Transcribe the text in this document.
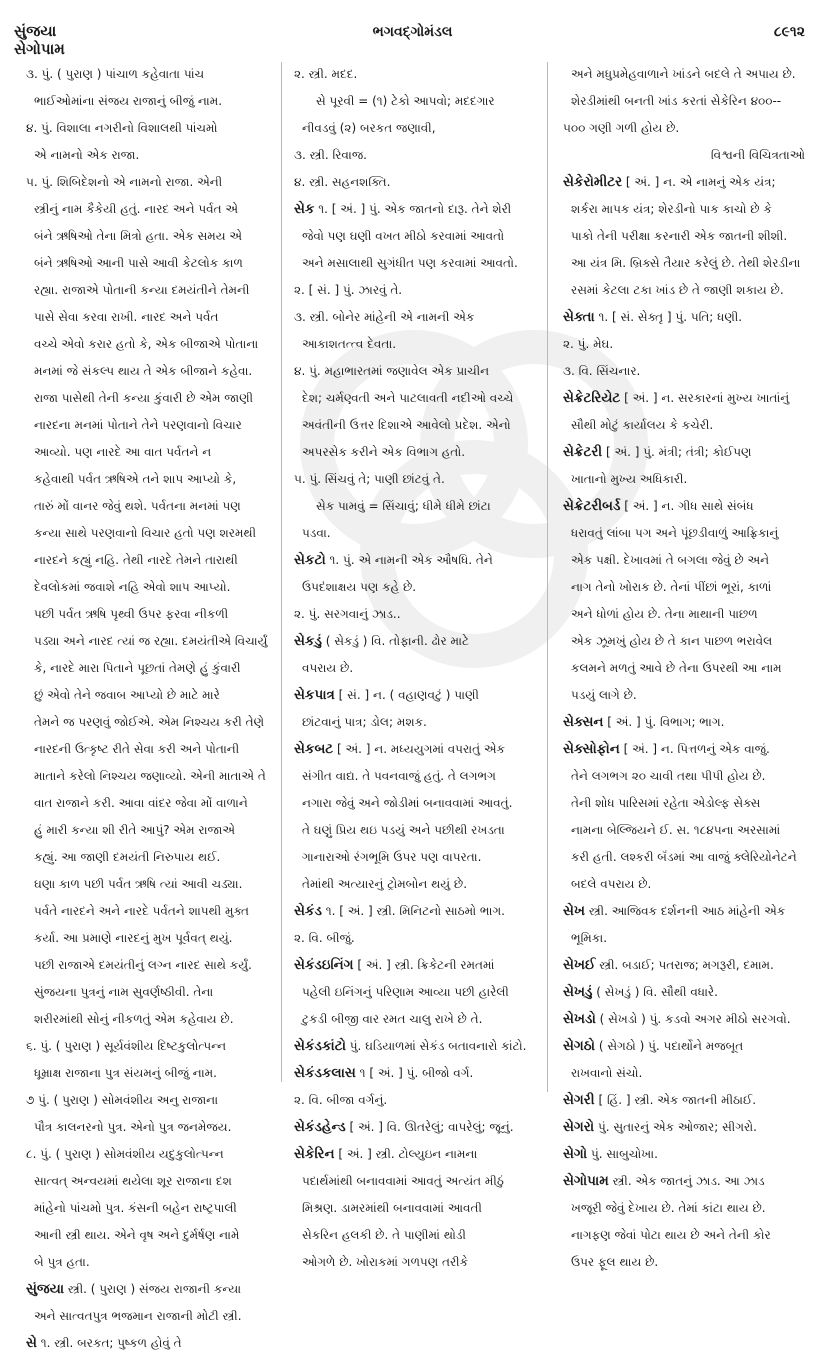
સુંજયા
સેગોપામ
ભગવદ્ગોમંડલ	૮૯૧૨
૩. પું. ( પુરાણ ) પાંચાળ કહેવાતા પાંચ
ભાઈઓમાંના સંજય રાજાનું બીજું નામ.
૪. પું. વિશાલા નગરીનો વિશાલથી પાંચમો
એ નામનો એક રાજા.
૫. પું. શિબિદેશનો એ નામનો રાજા. એની
સ્ત્રીનું નામ કૈકેયી હતું. નારદ અને પર્વત એ
બંને ઋષિઓ તેના મિત્રો હતા. એક સમય એ
બંને ઋષિઓ આની પાસે આવી કેટલોક કાળ
રહ્યા. રાજાએ પોતાની કન્યા દમયંતીને તેમની
પાસે સેવા કરવા રાખી. નારદ અને પર્વત
વચ્ચે એવો કરાર હતો કે, એક બીજાએ પોતાના
મનમાં જે સંકલ્પ થાય તે એક બીજાને કહેવા.
રાજા પાસેથી તેની કન્યા કુંવારી છે એમ જાણી
નારદના મનમાં પોતાને તેને પરણવાનો વિચાર
આવ્યો. પણ નારદે આ વાત પર્વતને ન
કહેવાથી પર્વત ઋષિએ તને શાપ આપ્યો કે,
તારું મોં વાનર જેવું થશે. પર્વતના મનમાં પણ
કન્યા સાથે પરણવાનો વિચાર હતો પણ શરમથી
નારદને કહ્યું નહિ. તેથી નારદે તેમને તારાથી
દેવલોકમાં જવાશે નહિ એવો શાપ આપ્યો.
પછી પર્વત ઋષિ પૃથ્વી ઉપર ફરવા નીકળી
પડ્યા અને નારદ ત્યાં જ રહ્યા. દમયંતીએ વિચાર્યું
કે, નારદે મારા પિતાને પૂછતાં તેમણે હું કુંવારી
છું એવો તેને જવાબ આપ્યો છે માટે મારે
તેમને જ પરણવું જોઈએ. એમ નિશ્ચય કરી તેણે
નારદની ઉત્કૃષ્ટ રીતે સેવા કરી અને પોતાની
માતાને કરેલો નિશ્ચય જણાવ્યો. એની માતાએ તે
વાત રાજાને કરી. આવા વાંદર જેવા મોં વાળાને
હું મારી કન્યા શી રીતે આપું? એમ રાજાએ
કહ્યું. આ જાણી દમયંતી નિરુપાય થઈ.
ઘણા કાળ પછી પર્વત ઋષિ ત્યાં આવી ચડ્યા.
પર્વતે નારદને અને નારદે પર્વતને શાપથી મુક્ત
કર્યા. આ પ્રમાણે નારદનું મુખ પૂર્વવત્ થયું.
પછી રાજાએ દમયંતીનું લગ્ન નારદ સાથે કર્યું.
સુંજયના પુત્રનું નામ સુવર્ણષ્ઠીવી. તેના
શરીરમાંથી સોનું નીકળતું એમ કહેવાય છે.
૬. પું. ( પુરાણ ) સૂર્યવંશીય દિષ્ટકુલોત્પન્ન
ધૂમ્રાક્ષ રાજાના પુત્ર સંયમનું બીજું નામ.
૭ પું. ( પુરાણ ) સોમવંશીય અનુ રાજાના
પૌત્ર કાલનરનો પુત્ર. એનો પુત્ર જનમેજય.
૮. પું. ( પુરાણ ) સોમવંશીય યદુકુલોત્પન્ન
સાત્વત્ અન્વયમાં થયેલા શૂર રાજાના દશ
માંહેનો પાંચમો પુત્ર. કંસની બહેન રાષ્ટ્રપાલી
આની સ્ત્રી થાય. એને વૃષ અને દુર્મર્ષણ નામે
બે પુત્ર હતા.
સુંજયા સ્ત્રી. ( પુરાણ ) સંજય રાજાની કન્યા
અને સાત્વતપુત્ર ભજમાન રાજાની મોટી સ્ત્રી.
સે ૧. સ્ત્રી. બરકત; પુષ્કળ હોવું તે
૨. સ્ત્રી. મદદ.
સે પૂરવી = (૧) ટેકો આપવો; મદદગાર
નીવડવું (૨) બરકત જણાવી,
૩. સ્ત્રી. રિવાજ.
૪. સ્ત્રી. સહનશક્તિ.
સેક ૧. [ અં. ] પું. એક જાતનો દારૂ. તેને શેરી
જેવો પણ ઘણી વખત મીઠો કરવામાં આવતો
અને મસાલાથી સુગંધીત પણ કરવામાં આવતો.
૨. [ સં. ] પું. ઝારવું તે.
૩. સ્ત્રી. બોનેર માંહેની એ નામની એક
આકાશતત્ત્વ દેવતા.
૪. પું. મહાભારતમાં જણાવેલ એક પ્રાચીન
દેશ; ચર્મણ્વતી અને પાટલાવતી નદીઓ વચ્ચે
અવંતીની ઉત્તર દિશાએ આવેલો પ્રદેશ. એનો
અપરસેક કરીને એક વિભાગ હતો.
૫. પું. સિંચવું તે; પાણી છાંટવું તે.
સેક પામવું = સિંચાવું; ધીમે ધીમે છાંટા
પડવા.
સેકટો ૧. પું. એ નામની એક ઔષધિ. તેને
ઉપદંશાક્ષય પણ કહે છે.
૨. પું. સરગવાનું ઝાડ..
સેકડું ( સેકડું ) વિ. તોફાની. ઢોર માટે
વપરાય છે.
સેકપાત્ર [ સં. ] ન. ( વહાણવટું ) પાણી
છાંટવાનું પાત્ર; ડોલ; મશક.
સેકબટ [ અં. ] ન. મધ્યયુગમાં વપરાતું એક
સંગીત વાદ્ય. તે પવનવાજું હતું. તે લગભગ
નગારા જેવું અને જોડીમાં બનાવવામાં આવતું.
તે ઘણું પ્રિય થઇ પડયું અને પછીથી રખડતા
ગાનારાઓ રંગભૂમિ ઉપર પણ વાપરતા.
તેમાંથી અત્યારનું ટ્રોમબોન થયું છે.
સેકંડ ૧. [ અં. ] સ્ત્રી. મિનિટનો સાઠમો ભાગ.
૨. વિ. બીજું.
સેકંડઇનિંગ [ અં. ] સ્ત્રી. ક્રિકેટની રમતમાં
પહેલી ઇનિંગનું પરિણામ આવ્યા પછી હારેલી
ટુકડી બીજી વાર રમત ચાલુ રાખે છે તે.
સેકંડકાંટો પું. ઘડિયાળમાં સેકંડ બતાવનારો કાંટો.
સેકંડકલાસ ૧ [ અં. ] પું. બીજો વર્ગ.
૨. વિ. બીજા વર્ગનું.
સેકંડહેન્ડ [ અં. ] વિ. ઊતરેલું; વાપરેલું; જૂનું.
સેકેરિન [ અં. ] સ્ત્રી. ટોલ્યુઇન નામના
પદાર્થમાંથી બનાવવામાં આવતું અત્યંત મીઠું
મિશ્રણ. ડામરમાંથી બનાવવામાં આવતી
સેકરિન હલકી છે. તે પાણીમાં થોડી
ઓગળે છે. ખોરાકમાં ગળપણ તરીકે
અને મધુપ્રમેહવાળાને ખાંડને બદલે તે અપાય છે.
શેરડીમાંથી બનતી ખાંડ કરતાં સેકેરિન ૪૦૦--
૫૦૦ ગણી ગળી હોય છે.
વિશ્વની વિચિત્રતાઓ
સેકેરોમીટર [ અં. ] ન. એ નામનું એક યંત્ર;
શર્કરા માપક યંત્ર; શેરડીનો પાક કાચો છે કે
પાકો તેની પરીક્ષા કરનારી એક જાતની શીશી.
આ યંત્ર મિ. બ્રિક્સે તૈયાર કરેલું છે. તેથી શેરડીના
રસમાં કેટલા ટકા ખાંડ છે તે જાણી શકાય છે.
સેક્તા ૧. [ સં. સેક્તૃ ] પું. પતિ; ધણી.
૨. પું. મેઘ.
૩. વિ. સિંચનાર.
સેક્રેટરિયેટ [ અં. ] ન. સરકારનાં મુખ્ય ખાતાંનું
સૌથી મોટું કાર્યાલય કે કચેરી.
સેક્રેટરી [ અં. ] પું. મંત્રી; તંત્રી; કોઈપણ
ખાતાનો મુખ્ય અધિકારી.
સેક્રેટરીબર્ડ [ અં. ] ન. ગીધ સાથે સંબંધ
ધરાવતું લાંબા પગ અને પૂંછડીવાળું આફ્રિકાનું
એક પક્ષી. દેખાવમાં તે બગલા જેવું છે અને
નાગ તેનો ખોરાક છે. તેનાં પીંછાં ભૂરાં, કાળાં
અને ધોળાં હોય છે. તેના માથાની પાછળ
એક ઝૂમખું હોય છે તે કાન પાછળ ભરાવેલ
કલમને મળતું આવે છે તેના ઉપરથી આ નામ
પડયું લાગે છે.
સેક્સન [ અં. ] પું. વિભાગ; ભાગ.
સેક્સોફોન [ અં. ] ન. પિત્તળનું એક વાજું.
તેને લગભગ ૨૦ ચાવી તથા પીપી હોય છે.
તેની શોધ પારિસમાં રહેતા એડોલ્ફ સેક્સ
નામના બેલ્જિયને ઈ. સ. ૧૮૪૫ના અરસામાં
કરી હતી. લશ્કરી બૅંડમાં આ વાજું ક્લેરિયોનેટને
બદલે વપરાય છે.
સેખ સ્ત્રી. આજિવક દર્શનની આઠ માંહેની એક
ભૂમિકા.
સેખઈ સ્ત્રી. બડાઈ; પતરાજ; મગરૂરી, દમામ.
સેખડું ( સેખડું ) વિ. સૌથી વધારે.
સેખડો ( સેખડો ) પું. કડવો અગર મીઠો સરગવો.
સેગઠો ( સેગઠો ) પું. પદાર્થોને મજબૂત
રાખવાનો સંચો.
સેગરી [ હિં. ] સ્ત્રી. એક જાતની મીઠાઈ.
સેગરો પું. સુતારનું એક ઓજાર; સીગરો.
સેગો પું. સાબુચોખા.
સેગોપામ સ્ત્રી. એક જાતનું ઝાડ. આ ઝાડ
ખજૂરી જેવું દેખાય છે. તેમાં કાંટા થાય છે.
નાગફણ જેવાં પોટા થાય છે અને તેની કોર
ઉપર ફૂલ થાય છે.
